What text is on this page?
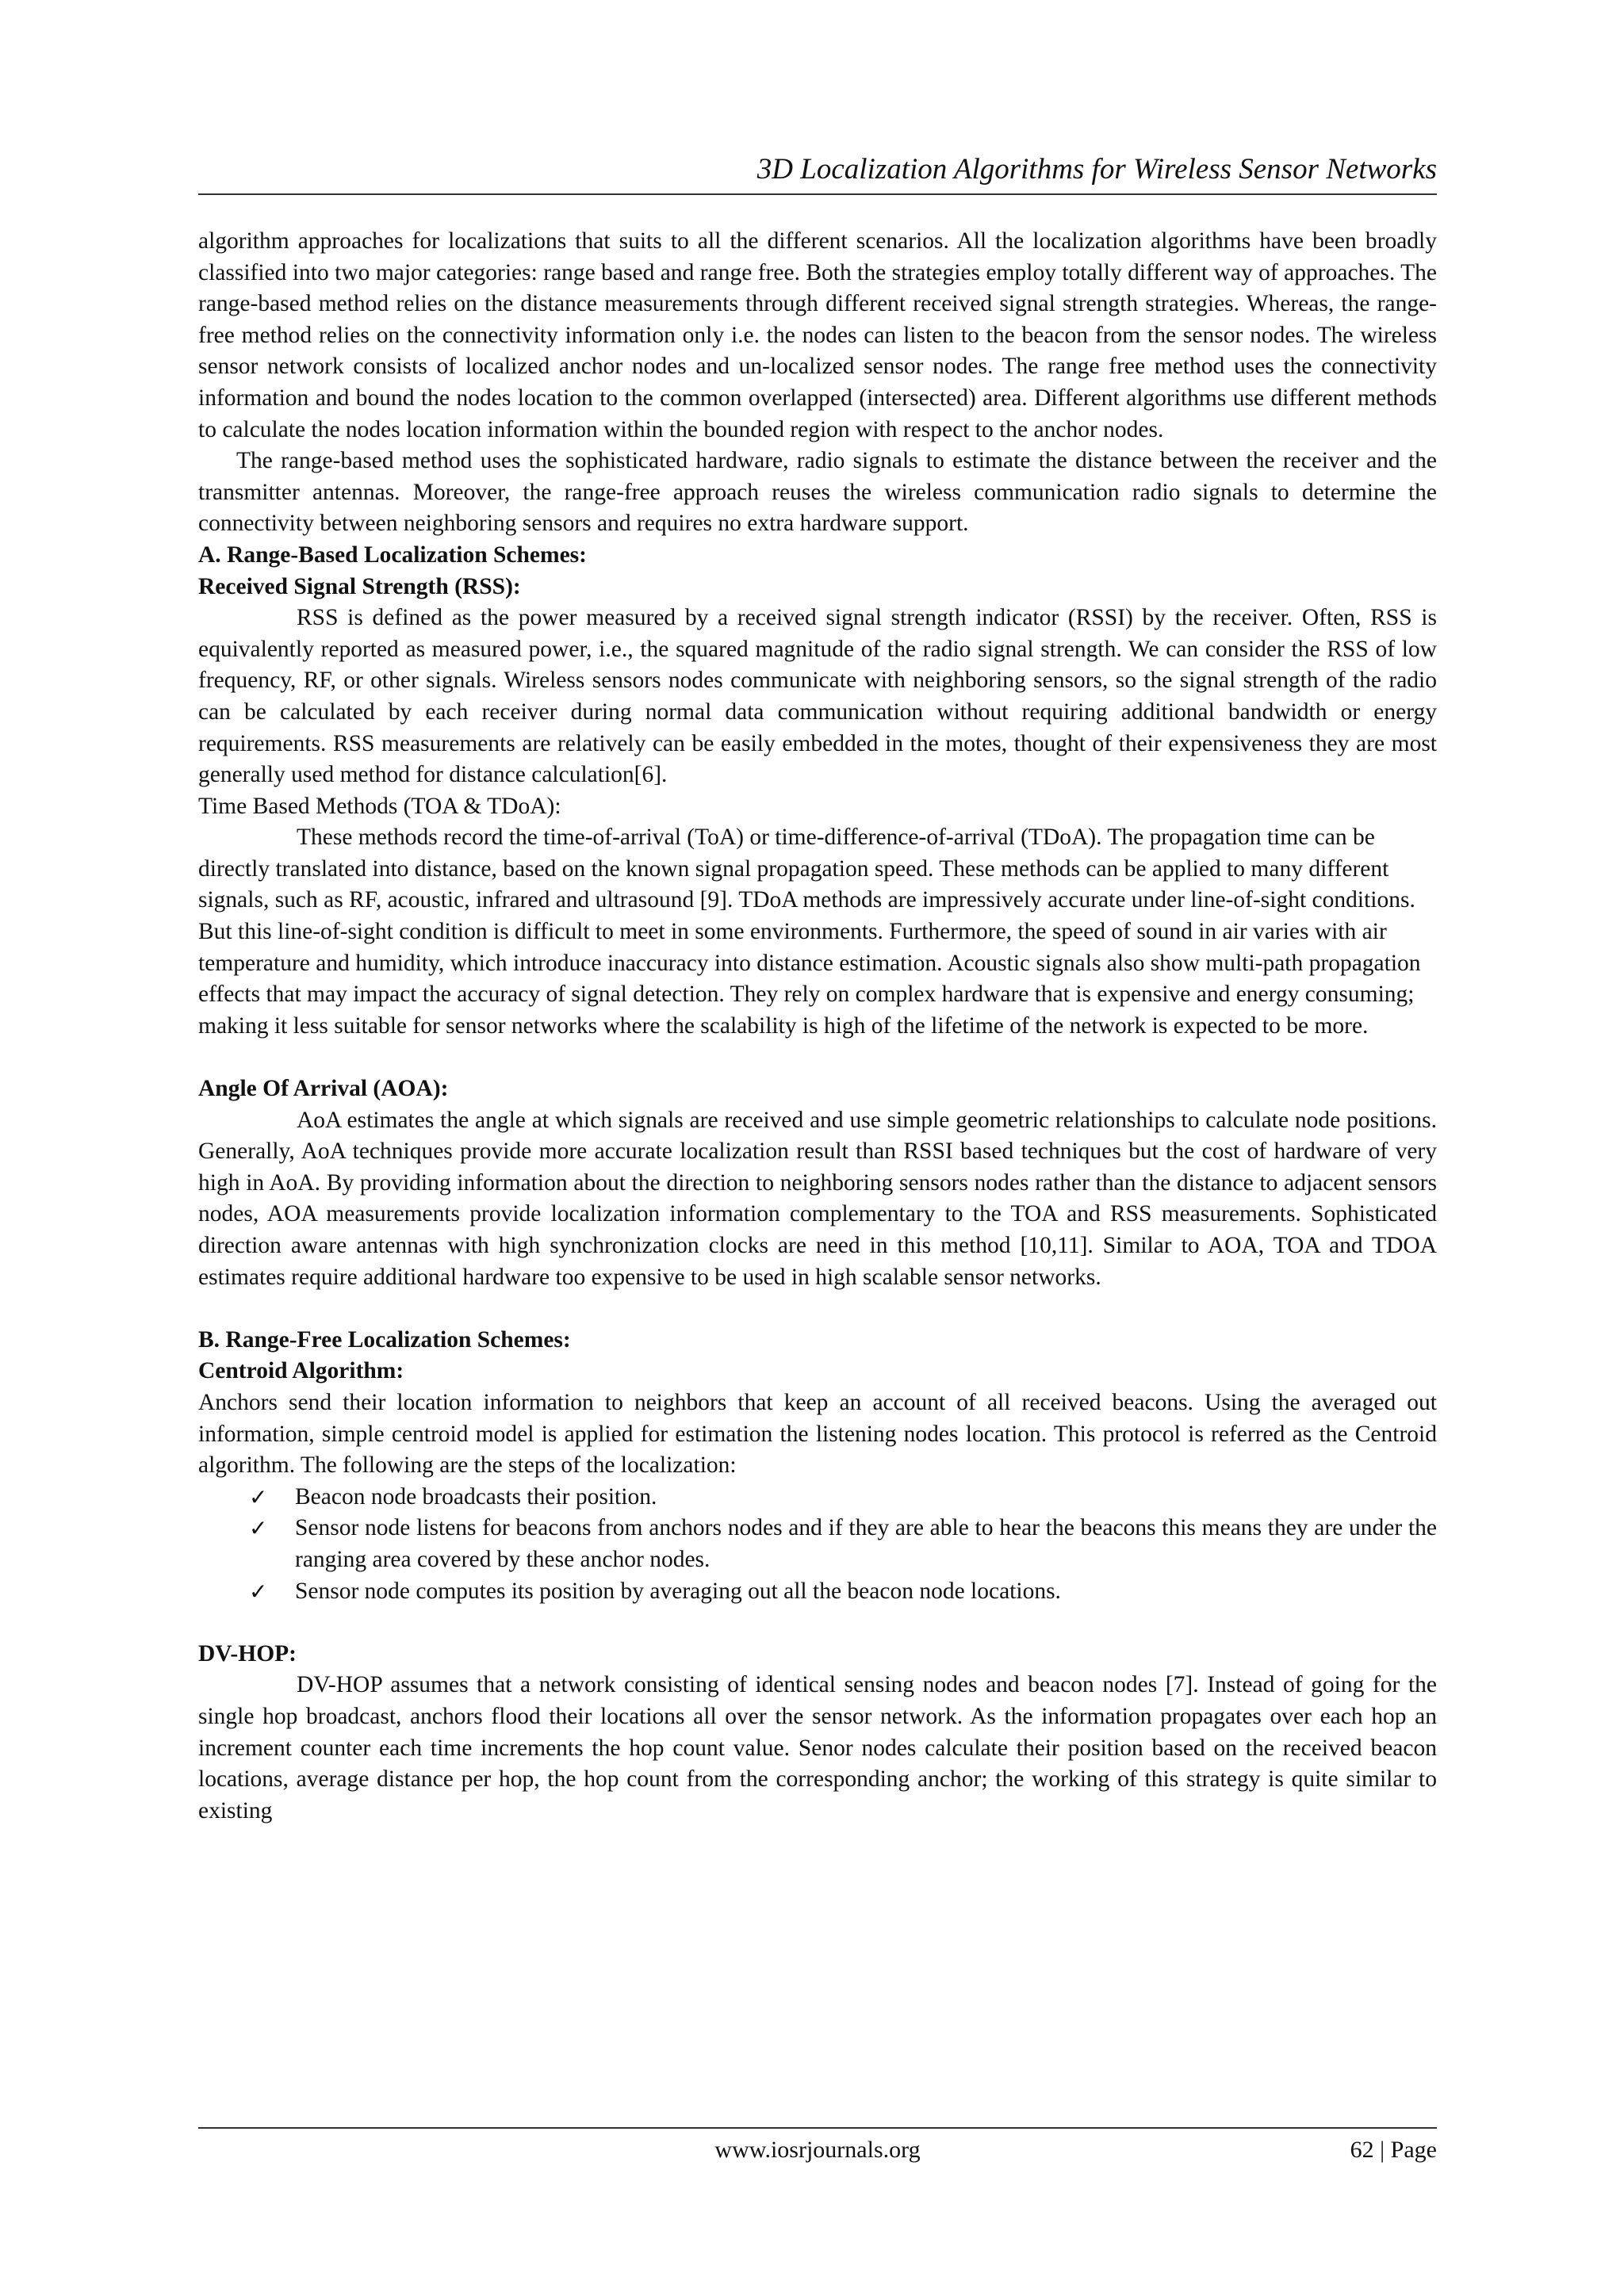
3D Localization Algorithms for Wireless Sensor Networks

algorithm approaches for localizations that suits to all the different scenarios. All the localization algorithms have been broadly classified into two major categories: range based and range free. Both the strategies employ totally different way of approaches. The range-based method relies on the distance measurements through different received signal strength strategies. Whereas, the range-free method relies on the connectivity information only i.e. the nodes can listen to the beacon from the sensor nodes. The wireless sensor network consists of localized anchor nodes and un-localized sensor nodes. The range free method uses the connectivity information and bound the nodes location to the common overlapped (intersected) area. Different algorithms use different methods to calculate the nodes location information within the bounded region with respect to the anchor nodes.

The range-based method uses the sophisticated hardware, radio signals to estimate the distance between the receiver and the transmitter antennas. Moreover, the range-free approach reuses the wireless communication radio signals to determine the connectivity between neighboring sensors and requires no extra hardware support.

A. Range-Based Localization Schemes:
Received Signal Strength (RSS):

RSS is defined as the power measured by a received signal strength indicator (RSSI) by the receiver. Often, RSS is equivalently reported as measured power, i.e., the squared magnitude of the radio signal strength. We can consider the RSS of low frequency, RF, or other signals. Wireless sensors nodes communicate with neighboring sensors, so the signal strength of the radio can be calculated by each receiver during normal data communication without requiring additional bandwidth or energy requirements. RSS measurements are relatively can be easily embedded in the motes, thought of their expensiveness they are most generally used method for distance calculation[6].

Time Based Methods (TOA & TDoA):

These methods record the time-of-arrival (ToA) or time-difference-of-arrival (TDoA). The propagation time can be directly translated into distance, based on the known signal propagation speed. These methods can be applied to many different signals, such as RF, acoustic, infrared and ultrasound [9]. TDoA methods are impressively accurate under line-of-sight conditions. But this line-of-sight condition is difficult to meet in some environments. Furthermore, the speed of sound in air varies with air temperature and humidity, which introduce inaccuracy into distance estimation. Acoustic signals also show multi-path propagation effects that may impact the accuracy of signal detection. They rely on complex hardware that is expensive and energy consuming; making it less suitable for sensor networks where the scalability is high of the lifetime of the network is expected to be more.

Angle Of Arrival (AOA):

AoA estimates the angle at which signals are received and use simple geometric relationships to calculate node positions. Generally, AoA techniques provide more accurate localization result than RSSI based techniques but the cost of hardware of very high in AoA. By providing information about the direction to neighboring sensors nodes rather than the distance to adjacent sensors nodes, AOA measurements provide localization information complementary to the TOA and RSS measurements. Sophisticated direction aware antennas with high synchronization clocks are need in this method [10,11]. Similar to AOA, TOA and TDOA estimates require additional hardware too expensive to be used in high scalable sensor networks.

B. Range-Free Localization Schemes:
Centroid Algorithm:

Anchors send their location information to neighbors that keep an account of all received beacons. Using the averaged out information, simple centroid model is applied for estimation the listening nodes location. This protocol is referred as the Centroid algorithm. The following are the steps of the localization:

✓ Beacon node broadcasts their position.
✓ Sensor node listens for beacons from anchors nodes and if they are able to hear the beacons this means they are under the ranging area covered by these anchor nodes.
✓ Sensor node computes its position by averaging out all the beacon node locations.
DV-HOP:

DV-HOP assumes that a network consisting of identical sensing nodes and beacon nodes [7]. Instead of going for the single hop broadcast, anchors flood their locations all over the sensor network. As the information propagates over each hop an increment counter each time increments the hop count value. Senor nodes calculate their position based on the received beacon locations, average distance per hop, the hop count from the corresponding anchor; the working of this strategy is quite similar to existing

www.iosrjournals.org	62 | Page
